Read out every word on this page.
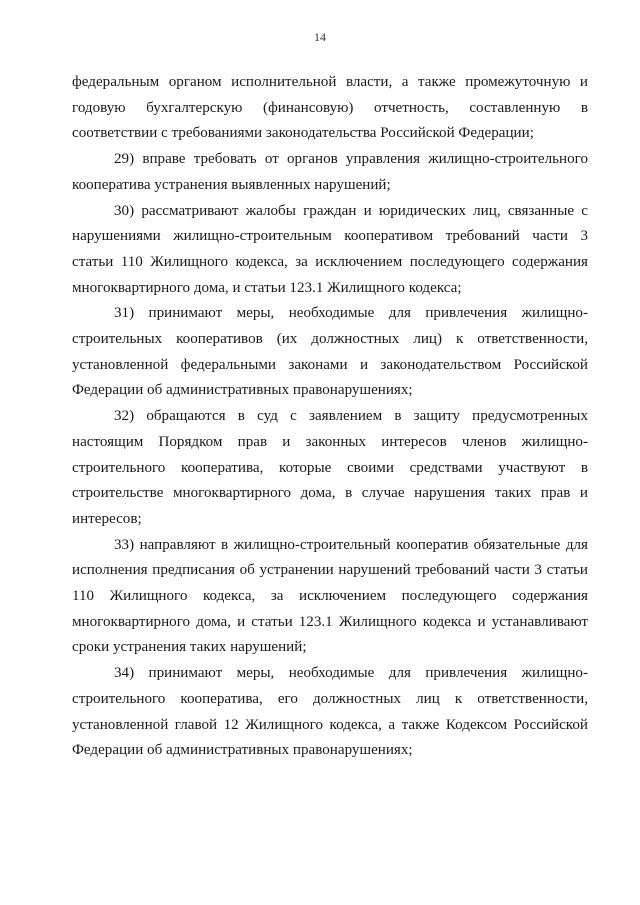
14

федеральным органом исполнительной власти, а также промежуточную и годовую бухгалтерскую (финансовую) отчетность, составленную в соответствии с требованиями законодательства Российской Федерации;

29) вправе требовать от органов управления жилищно-строительного кооператива устранения выявленных нарушений;

30) рассматривают жалобы граждан и юридических лиц, связанные с нарушениями жилищно-строительным кооперативом требований части 3 статьи 110 Жилищного кодекса, за исключением последующего содержания многоквартирного дома, и статьи 123.1 Жилищного кодекса;

31) принимают меры, необходимые для привлечения жилищно-строительных кооперативов (их должностных лиц) к ответственности, установленной федеральными законами и законодательством Российской Федерации об административных правонарушениях;

32) обращаются в суд с заявлением в защиту предусмотренных настоящим Порядком прав и законных интересов членов жилищно-строительного кооператива, которые своими средствами участвуют в строительстве многоквартирного дома, в случае нарушения таких прав и интересов;

33) направляют в жилищно-строительный кооператив обязательные для исполнения предписания об устранении нарушений требований части 3 статьи 110 Жилищного кодекса, за исключением последующего содержания многоквартирного дома, и статьи 123.1 Жилищного кодекса и устанавливают сроки устранения таких нарушений;

34) принимают меры, необходимые для привлечения жилищно-строительного кооператива, его должностных лиц к ответственности, установленной главой 12 Жилищного кодекса, а также Кодексом Российской Федерации об административных правонарушениях;
